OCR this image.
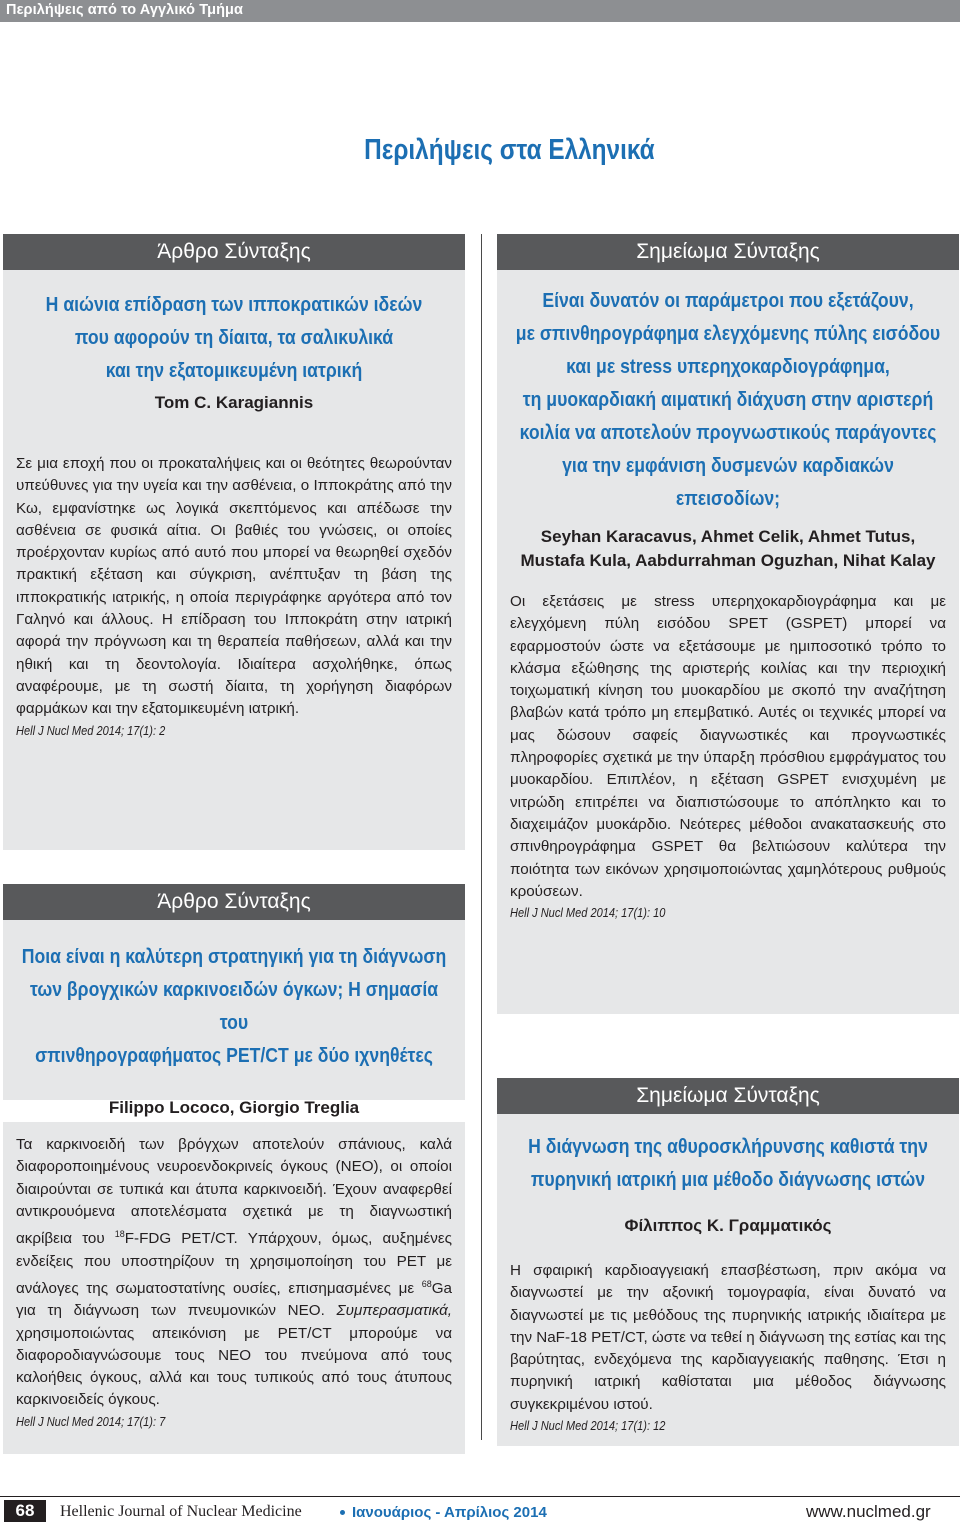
Περιλήψεις από το Αγγλικό Τμήμα
Περιλήψεις στα Ελληνικά
Άρθρο Σύνταξης
Η αιώνια επίδραση των ιπποκρατικών ιδεών
που αφορούν τη δίαιτα, τα σαλικυλικά
και την εξατομικευμένη ιατρική
Tom C. Karagiannis
Σε μια εποχή που οι προκαταλήψεις και οι θεότητες θεωρούνταν υπεύθυνες για την υγεία και την ασθένεια, ο Ιπποκράτης από την Κω, εμφανίστηκε ως λογικά σκεπτόμενος και απέδωσε την ασθένεια σε φυσικά αίτια. Οι βαθιές του γνώσεις, οι οποίες προέρχονταν κυρίως από αυτό που μπορεί να θεωρηθεί σχεδόν πρακτική εξέταση και σύγκριση, ανέπτυξαν τη βάση της ιπποκρατικής ιατρικής, η οποία περιγράφηκε αργότερα από τον Γαληνό και άλλους. Η επίδραση του Ιπποκράτη στην ιατρική αφορά την πρόγνωση και τη θεραπεία παθήσεων, αλλά και την ηθική και τη δεοντολογία. Ιδιαίτερα ασχολήθηκε, όπως αναφέρουμε, με τη σωστή δίαιτα, τη χορήγηση διαφόρων φαρμάκων και την εξατομικευμένη ιατρική.
Hell J Nucl Med 2014; 17(1): 2
Άρθρο Σύνταξης
Ποια είναι η καλύτερη στρατηγική για τη διάγνωση
των βρογχικών καρκινοειδών όγκων; Η σημασία του
σπινθηρογραφήματος PET/CT με δύο ιχνηθέτες
Filippo Lococo, Giorgio Treglia
Τα καρκινοειδή των βρόγχων αποτελούν σπάνιους, καλά διαφοροποιημένους νευροενδοκρινείς όγκους (ΝΕΟ), οι οποίοι διαιρούνται σε τυπικά και άτυπα καρκινοειδή. Έχουν αναφερθεί αντικρουόμενα αποτελέσματα σχετικά με τη διαγνωστική ακρίβεια του $^{18}$F-FDG PET/CT. Υπάρχουν, όμως, αυξημένες ενδείξεις που υποστηρίζουν τη χρησιμοποίηση του PET με ανάλογες της σωματοστατίνης ουσίες, επισημασμένες με $^{68}$Ga για τη διάγνωση των πνευμονικών ΝΕΟ. Συμπερασματικά, χρησιμοποιώντας απεικόνιση με PET/CT μπορούμε να διαφοροδιαγνώσουμε τους ΝΕΟ του πνεύμονα από τους καλοήθεις όγκους, αλλά και τους τυπικούς από τους άτυπους καρκινοειδείς όγκους.
Hell J Nucl Med 2014; 17(1): 7
Σημείωμα Σύνταξης
Είναι δυνατόν οι παράμετροι που εξετάζουν,
με σπινθηρογράφημα ελεγχόμενης πύλης εισόδου
και με stress υπερηχοκαρδιογράφημα,
τη μυοκαρδιακή αιματική διάχυση στην αριστερή
κοιλία να αποτελούν προγνωστικούς παράγοντες
για την εμφάνιση δυσμενών καρδιακών
επεισοδίων;
Seyhan Karacavus, Ahmet Celik, Ahmet Tutus,
Mustafa Kula, Aabdurrahman Oguzhan, Nihat Kalay
Οι εξετάσεις με stress υπερηχοκαρδιογράφημα και με ελεγχόμενη πύλη εισόδου SPET (GSPET) μπορεί να εφαρμοστούν ώστε να εξετάσουμε με ημιποσοτικό τρόπο το κλάσμα εξώθησης της αριστερής κοιλίας και την περιοχική τοιχωματική κίνηση του μυοκαρδίου με σκοπό την αναζήτηση βλαβών κατά τρόπο μη επεμβατικό. Αυτές οι τεχνικές μπορεί να μας δώσουν σαφείς διαγνωστικές και προγνωστικές πληροφορίες σχετικά με την ύπαρξη πρόσθιου εμφράγματος του μυοκαρδίου. Επιπλέον, η εξέταση GSPET ενισχυμένη με νιτρώδη επιτρέπει να διαπιστώσουμε το απόπληκτο και το διαχειμάζον μυοκάρδιο. Νεότερες μέθοδοι ανακατασκευής στο σπινθηρογράφημα GSPET θα βελτιώσουν καλύτερα την ποιότητα των εικόνων χρησιμοποιώντας χαμηλότερους ρυθμούς κρούσεων.
Hell J Nucl Med 2014; 17(1): 10
Σημείωμα Σύνταξης
Η διάγνωση της αθυροσκλήρυνσης καθιστά την
πυρηνική ιατρική μια μέθοδο διάγνωσης ιστών
Φίλιππος Κ. Γραμματικός
Η σφαιρική καρδιοαγγειακή επασβέστωση, πριν ακόμα να διαγνωστεί με την αξονική τομογραφία, είναι δυνατό να διαγνωστεί με τις μεθόδους της πυρηνικής ιατρικής ιδιαίτερα με την NaF-18 PET/CT, ώστε να τεθεί η διάγνωση της εστίας και της βαρύτητας, ενδεχόμενα της καρδιαγγειακής παθησης. Έτσι η πυρηνική ιατρική καθίσταται μια μέθοδος διάγνωσης συγκεκριμένου ιστού.
Hell J Nucl Med 2014; 17(1): 12
68	Hellenic Journal of Nuclear Medicine	Ιανουάριος - Απρίλιος 2014	www.nuclmed.gr
